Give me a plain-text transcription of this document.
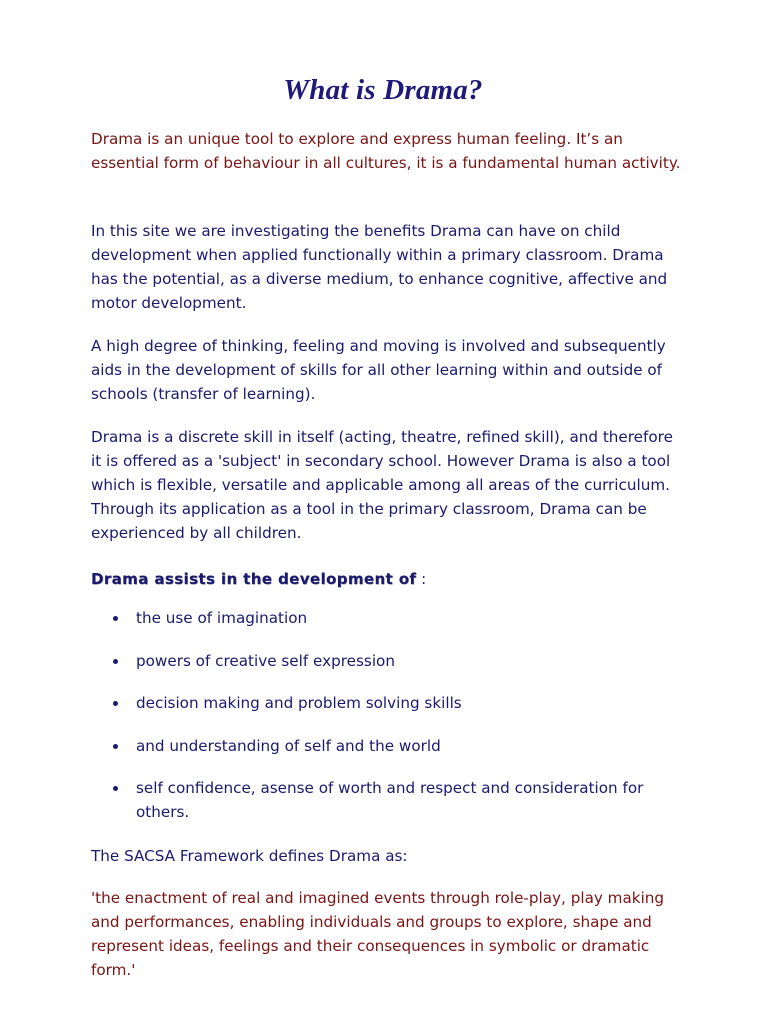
What is Drama?

Drama is an unique tool to explore and express human feeling. It’s an essential form of behaviour in all cultures, it is a fundamental human activity.

In this site we are investigating the benefits Drama can have on child development when applied functionally within a primary classroom. Drama has the potential, as a diverse medium, to enhance cognitive, affective and motor development.

A high degree of thinking, feeling and moving is involved and subsequently aids in the development of skills for all other learning within and outside of schools (transfer of learning).

Drama is a discrete skill in itself (acting, theatre, refined skill), and therefore it is offered as a 'subject' in secondary school. However Drama is also a tool which is flexible, versatile and applicable among all areas of the curriculum. Through its application as a tool in the primary classroom, Drama can be experienced by all children.

Drama assists in the development of :

the use of imagination
powers of creative self expression
decision making and problem solving skills
and understanding of self and the world
self confidence, asense of worth and respect and consideration for others.

The SACSA Framework defines Drama as:

'the enactment of real and imagined events through role-play, play making and performances, enabling individuals and groups to explore, shape and represent ideas, feelings and their consequences in symbolic or dramatic form.'
